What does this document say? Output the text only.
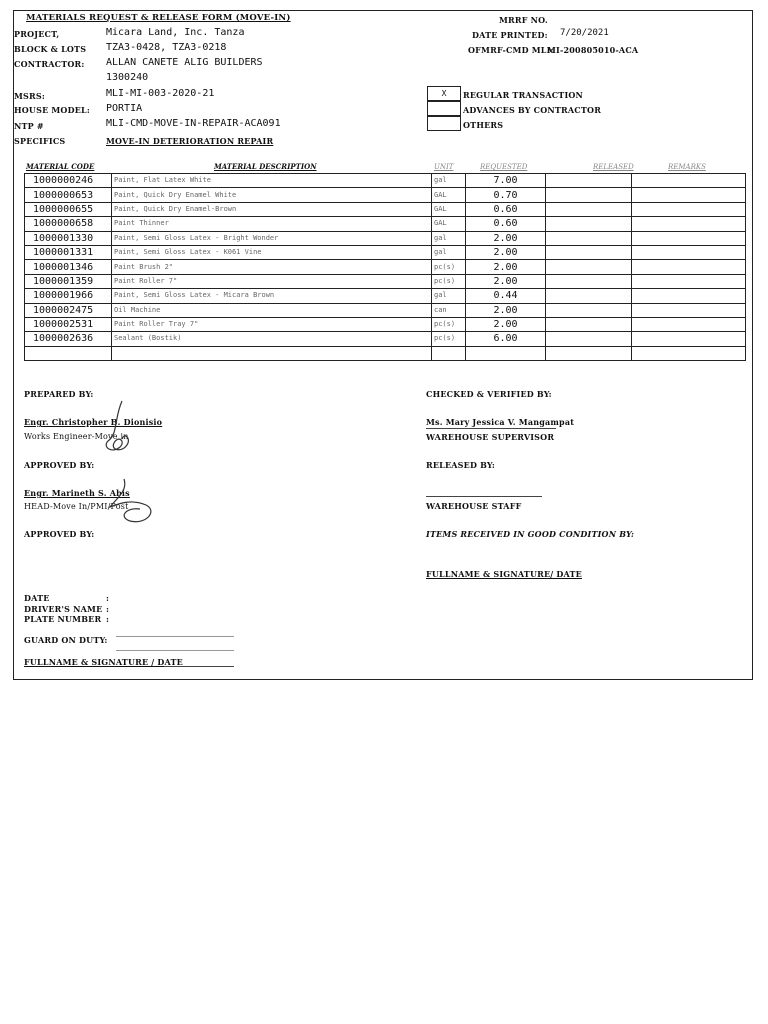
MATERIALS REQUEST & RELEASE FORM (MOVE-IN)
PROJECT,	Micara Land, Inc. Tanza
BLOCK & LOTS TZA3-0428, TZA3-0218
CONTRACTOR: ALLAN CANETE ALIG BUILDERS
1300240
MSRS:	MLI-MI-003-2020-21
HOUSE MODEL: PORTIA
NTP #	MLI-CMD-MOVE-IN-REPAIR-ACA091
SPECIFICS	MOVE-IN DETERIORATION REPAIR
MRRF NO.
DATE PRINTED: 7/20/2021
OFMRF-CMD MLI:
MI-200805010-ACA
X	REGULAR TRANSACTION
ADVANCES BY CONTRACTOR
OTHERS
MATERIAL CODE	MATERIAL DESCRIPTION	UNIT	REQUESTED	RELEASED	REMARKS
1000000246	Paint, Flat Latex White	gal	7.00		
1000000653	Paint, Quick Dry Enamel White	GAL	0.70		
1000000655	Paint, Quick Dry Enamel-Brown	GAL	0.60		
1000000658	Paint Thinner	GAL	0.60		
1000001330	Paint, Semi Gloss Latex - Bright Wonder	gal	2.00		
1000001331	Paint, Semi Gloss Latex - K061 Vine	gal	2.00		
1000001346	Paint Brush 2"	pc(s)	2.00		
1000001359	Paint Roller 7"	pc(s)	2.00		
1000001966	Paint, Semi Gloss Latex - Micara Brown	gal	0.44		
1000002475	Oil Machine	can	2.00		
1000002531	Paint Roller Tray 7"	pc(s)	2.00		
1000002636	Sealant (Bostik)	pc(s)	6.00		

PREPARED BY:
Engr. Christopher B. Dionisio
Works Engineer-Move in
APPROVED BY:
Engr. Marineth S. Abis
HEAD-Move In/PMI/Post
APPROVED BY:
CHECKED & VERIFIED BY:
Ms. Mary Jessica V. Mangampat
WAREHOUSE SUPERVISOR
RELEASED BY:
WAREHOUSE STAFF
ITEMS RECEIVED IN GOOD CONDITION BY:
FULLNAME & SIGNATURE/ DATE
DATE	:
DRIVER'S NAME :
PLATE NUMBER :
GUARD ON DUTY:
FULLNAME & SIGNATURE / DATE
